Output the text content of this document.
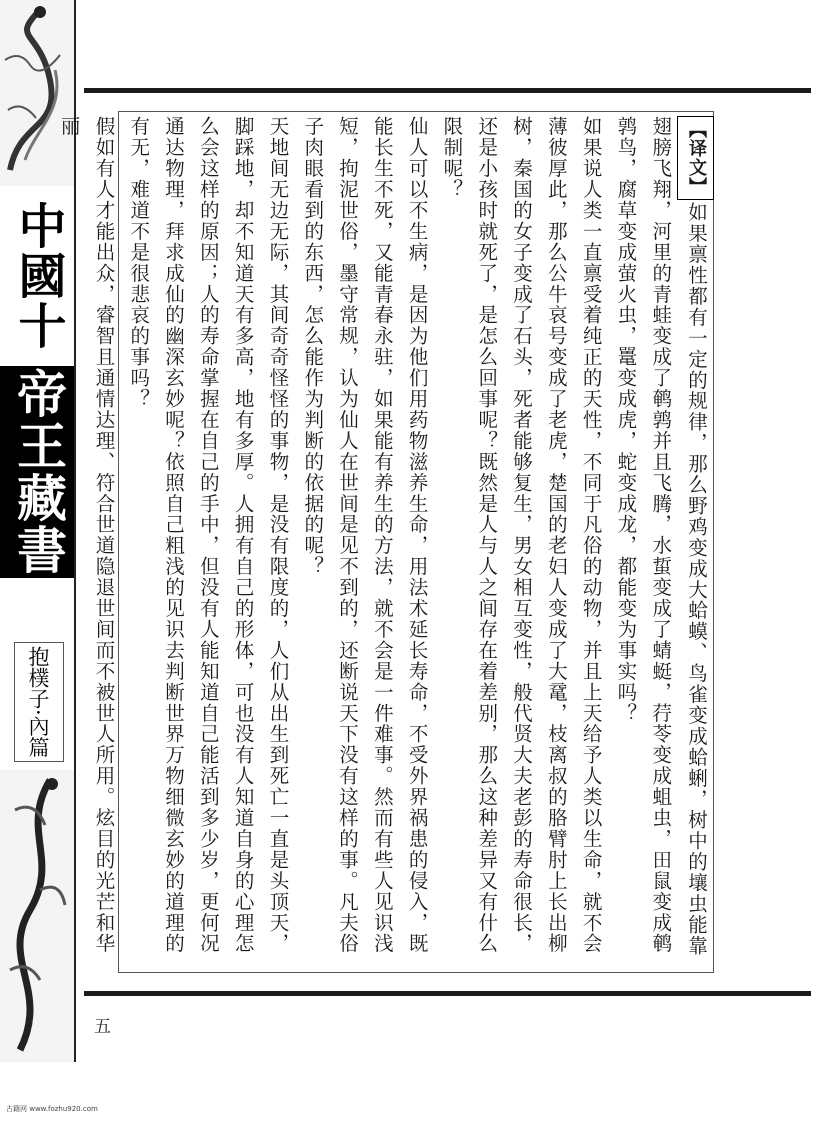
中國十
帝王藏書
抱樸子·內篇

【译文】如果禀性都有一定的规律，那么野鸡变成大蛤蟆、鸟雀变成蛤蜊，树中的壤虫能靠翅膀飞翔，河里的青蛙变成了鹌鹑并且飞腾，水蜇变成了蜻蜓，荇苓变成蛆虫，田鼠变成鹌鹑鸟，腐草变成萤火虫，鼍变成虎，蛇变成龙，都能变为事实吗？

如果说人类一直禀受着纯正的天性，不同于凡俗的动物，并且上天给予人类以生命，就不会薄彼厚此，那么公牛哀号变成了老虎，楚国的老妇人变成了大鼋，枝离叔的胳臂肘上长出柳树，秦国的女子变成了石头，死者能够复生，男女相互变性，般代贤大夫老彭的寿命很长，还是小孩时就死了，是怎么回事呢？既然是人与人之间存在着差别，那么这种差异又有什么限制呢？

仙人可以不生病，是因为他们用药物滋养生命，用法术延长寿命，不受外界祸患的侵入，既能长生不死，又能青春永驻，如果能有养生的方法，就不会是一件难事。然而有些人见识浅短，拘泥世俗，墨守常规，认为仙人在世间是见不到的，还断说天下没有这样的事。凡夫俗子肉眼看到的东西，怎么能作为判断的依据的呢？

天地间无边无际，其间奇奇怪怪的事物，是没有限度的，人们从出生到死亡一直是头顶天，脚踩地，却不知道天有多高，地有多厚。人拥有自己的形体，可也没有人知道自身的心理怎么会这样的原因；人的寿命掌握在自己的手中，但没有人能知道自己能活到多少岁，更何况通达物理，拜求成仙的幽深玄妙呢？依照自己粗浅的见识去判断世界万物细微玄妙的道理的有无，难道不是很悲哀的事吗？

假如有人才能出众，睿智且通情达理、符合世道隐退世间而不被世人所用。炫目的光芒和华丽

五
古籍网 www.fozhu920.com
